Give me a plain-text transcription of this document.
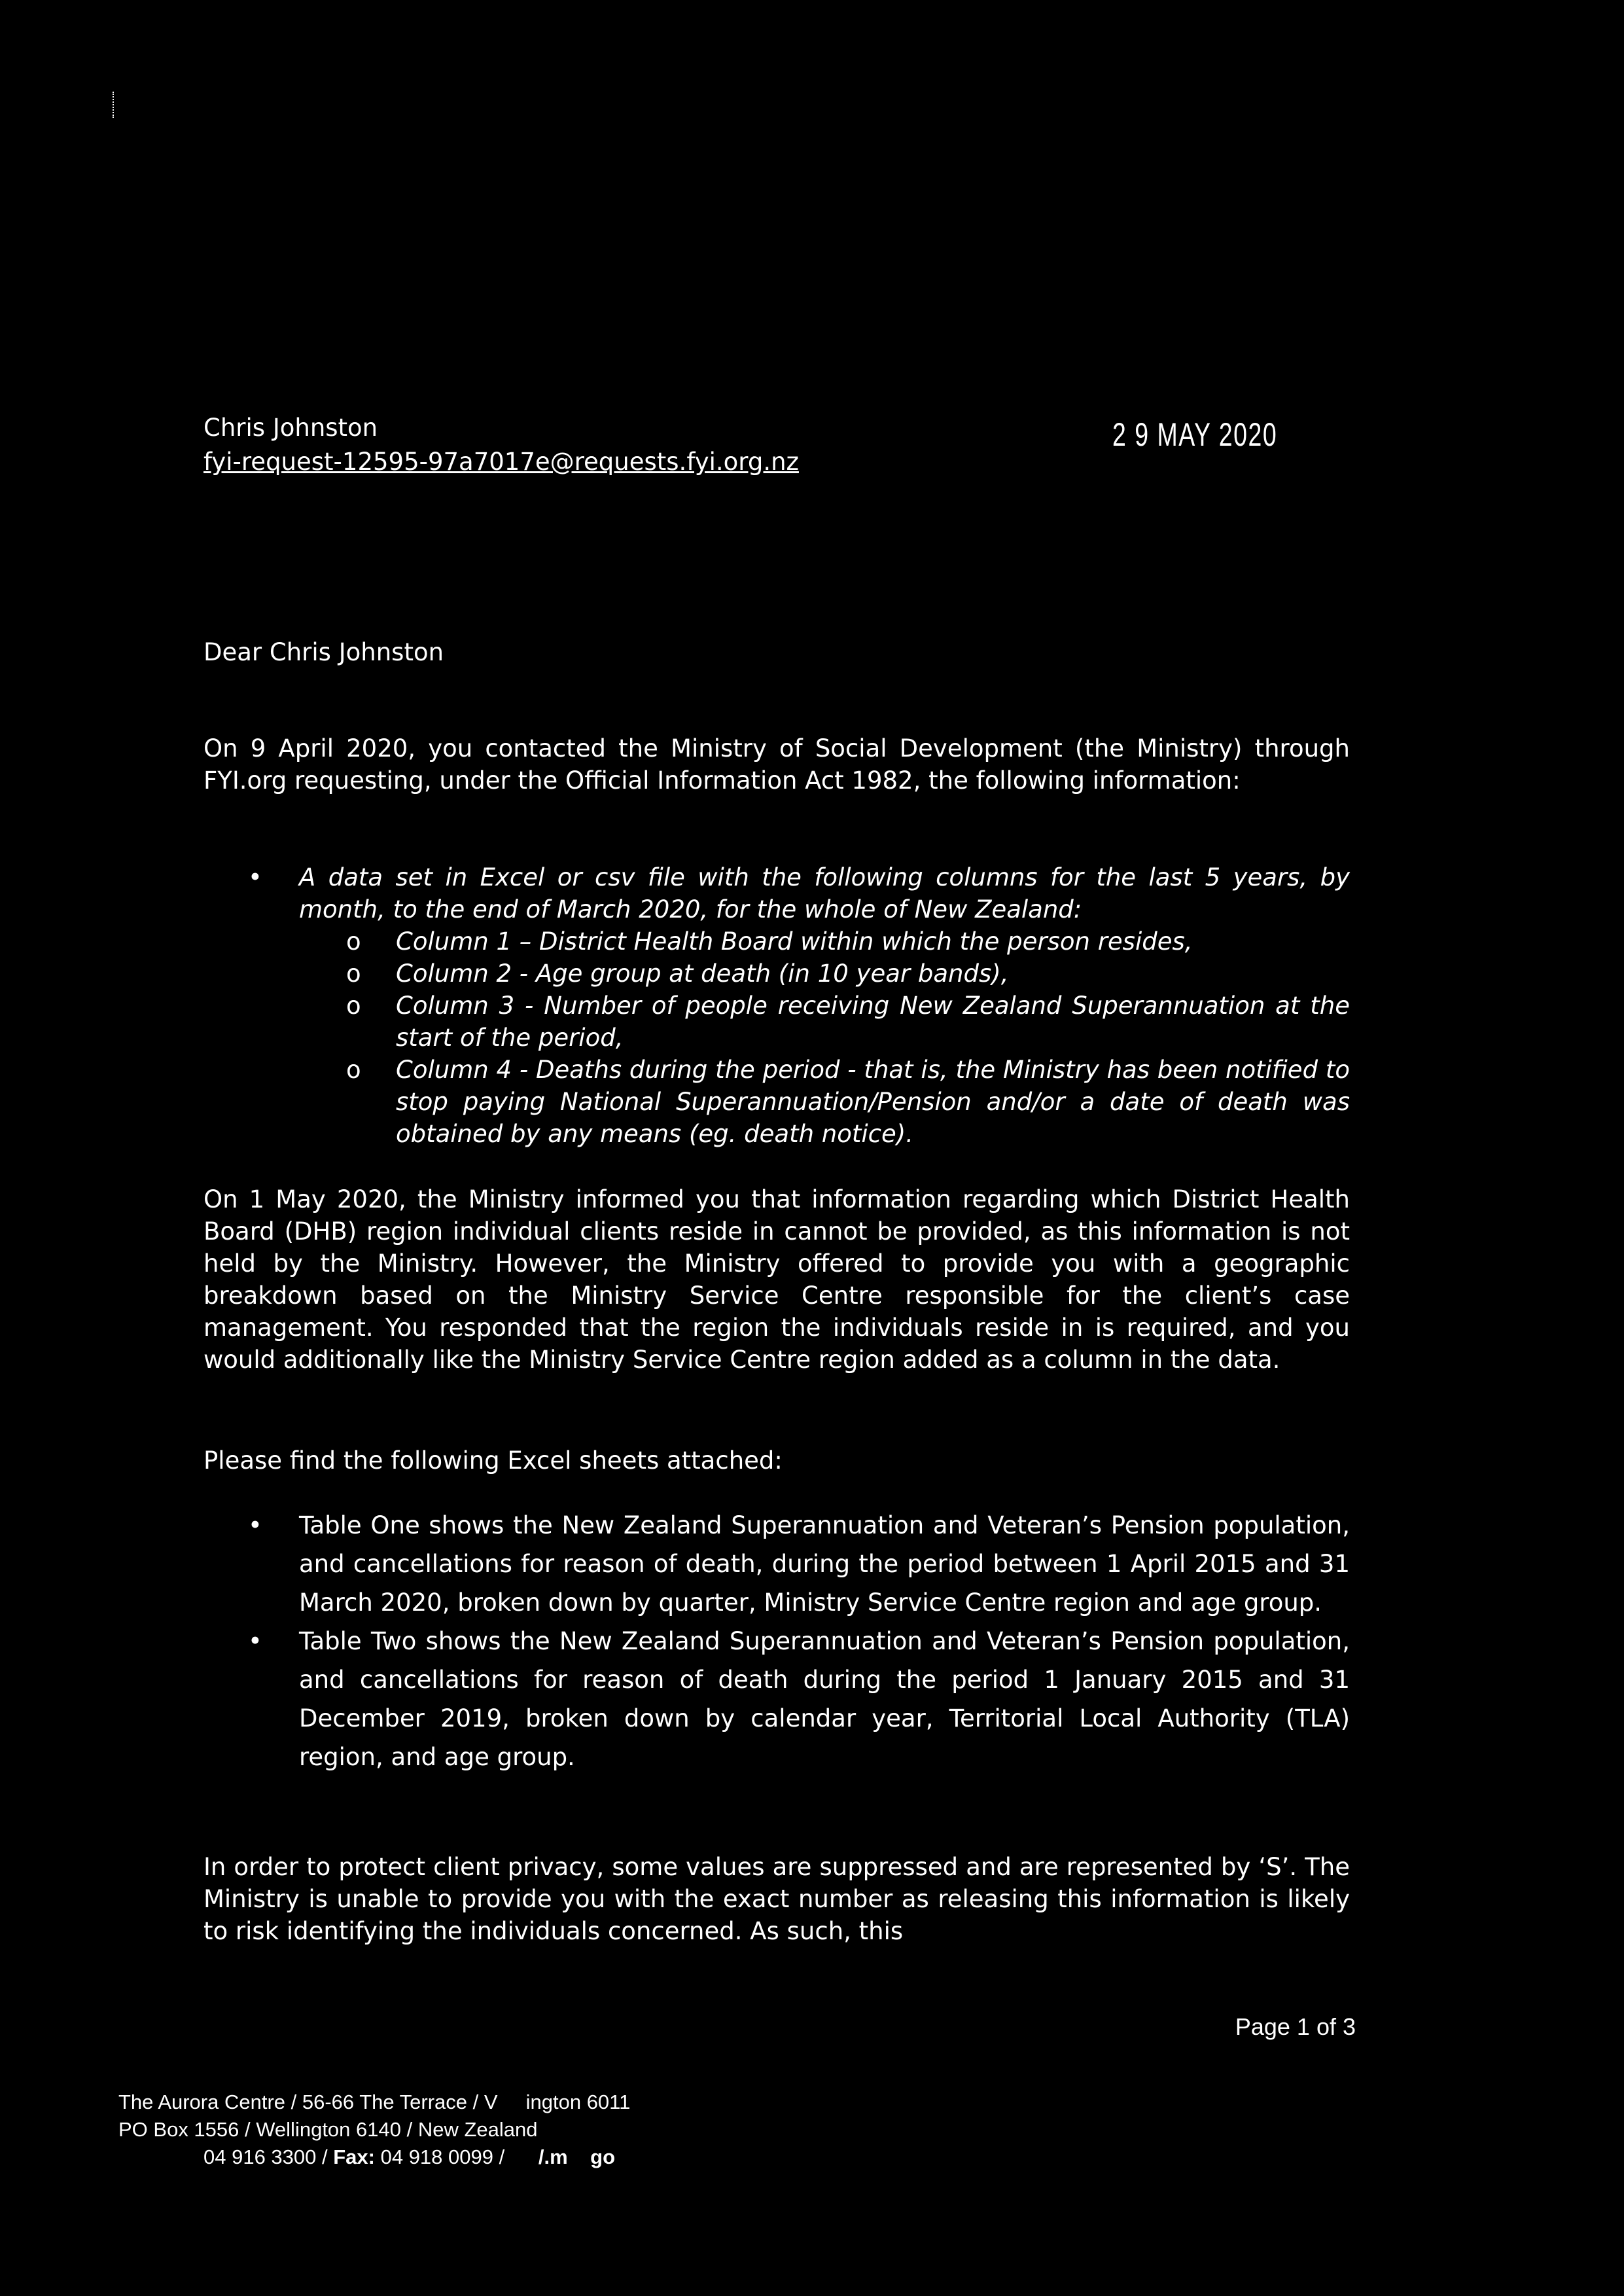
Chris Johnston
fyi-request-12595-97a7017e@requests.fyi.org.nz
2 9 MAY 2020
Dear Chris Johnston
On 9 April 2020, you contacted the Ministry of Social Development (the Ministry) through FYI.org requesting, under the Official Information Act 1982, the following information:
• A data set in Excel or csv file with the following columns for the last 5 years, by month, to the end of March 2020, for the whole of New Zealand:
o Column 1 – District Health Board within which the person resides,
o Column 2 - Age group at death (in 10 year bands),
o Column 3 - Number of people receiving New Zealand Superannuation at the start of the period,
o Column 4 - Deaths during the period - that is, the Ministry has been notified to stop paying National Superannuation/Pension and/or a date of death was obtained by any means (eg. death notice).
On 1 May 2020, the Ministry informed you that information regarding which District Health Board (DHB) region individual clients reside in cannot be provided, as this information is not held by the Ministry. However, the Ministry offered to provide you with a geographic breakdown based on the Ministry Service Centre responsible for the client’s case management. You responded that the region the individuals reside in is required, and you would additionally like the Ministry Service Centre region added as a column in the data.
Please find the following Excel sheets attached:
• Table One shows the New Zealand Superannuation and Veteran’s Pension population, and cancellations for reason of death, during the period between 1 April 2015 and 31 March 2020, broken down by quarter, Ministry Service Centre region and age group.
• Table Two shows the New Zealand Superannuation and Veteran’s Pension population, and cancellations for reason of death during the period 1 January 2015 and 31 December 2019, broken down by calendar year, Territorial Local Authority (TLA) region, and age group.
In order to protect client privacy, some values are suppressed and are represented by ‘S’. The Ministry is unable to provide you with the exact number as releasing this information is likely to risk identifying the individuals concerned. As such, this
Page 1 of 3
The Aurora Centre / 56-66 The Terrace / V     ington 6011
PO Box 1556 / Wellington 6140 / New Zealand
04 916 3300 / Fax: 04 918 0099 /      /.m    go
